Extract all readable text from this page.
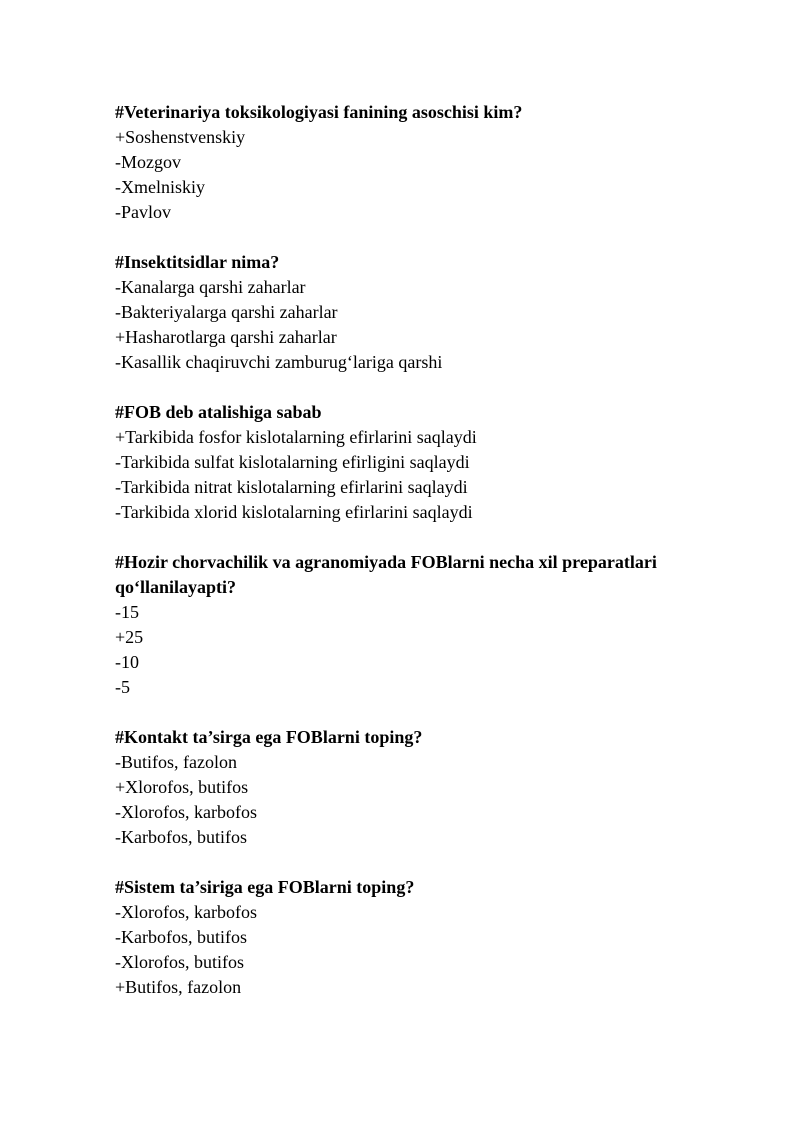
#Veterinariya toksikologiyasi fanining asoschisi kim?

+Soshenstvenskiy

-Mozgov

-Xmelniskiy

-Pavlov

#Insektitsidlar nima?

-Kanalarga qarshi zaharlar

-Bakteriyalarga qarshi zaharlar

+Hasharotlarga qarshi zaharlar

-Kasallik chaqiruvchi zamburug‘lariga qarshi

#FOB deb atalishiga sabab

+Tarkibida fosfor kislotalarning efirlarini saqlaydi

-Tarkibida sulfat kislotalarning efirligini saqlaydi

-Tarkibida nitrat kislotalarning efirlarini saqlaydi

-Tarkibida xlorid kislotalarning efirlarini saqlaydi

#Hozir chorvachilik va agranomiyada FOBlarni necha xil preparatlari qo‘llanilayapti?

-15

+25

-10

-5

#Kontakt ta’sirga ega FOBlarni toping?

-Butifos, fazolon

+Xlorofos, butifos

-Xlorofos, karbofos

-Karbofos, butifos

#Sistem ta’siriga ega FOBlarni toping?

-Xlorofos, karbofos

-Karbofos, butifos

-Xlorofos, butifos

+Butifos, fazolon
